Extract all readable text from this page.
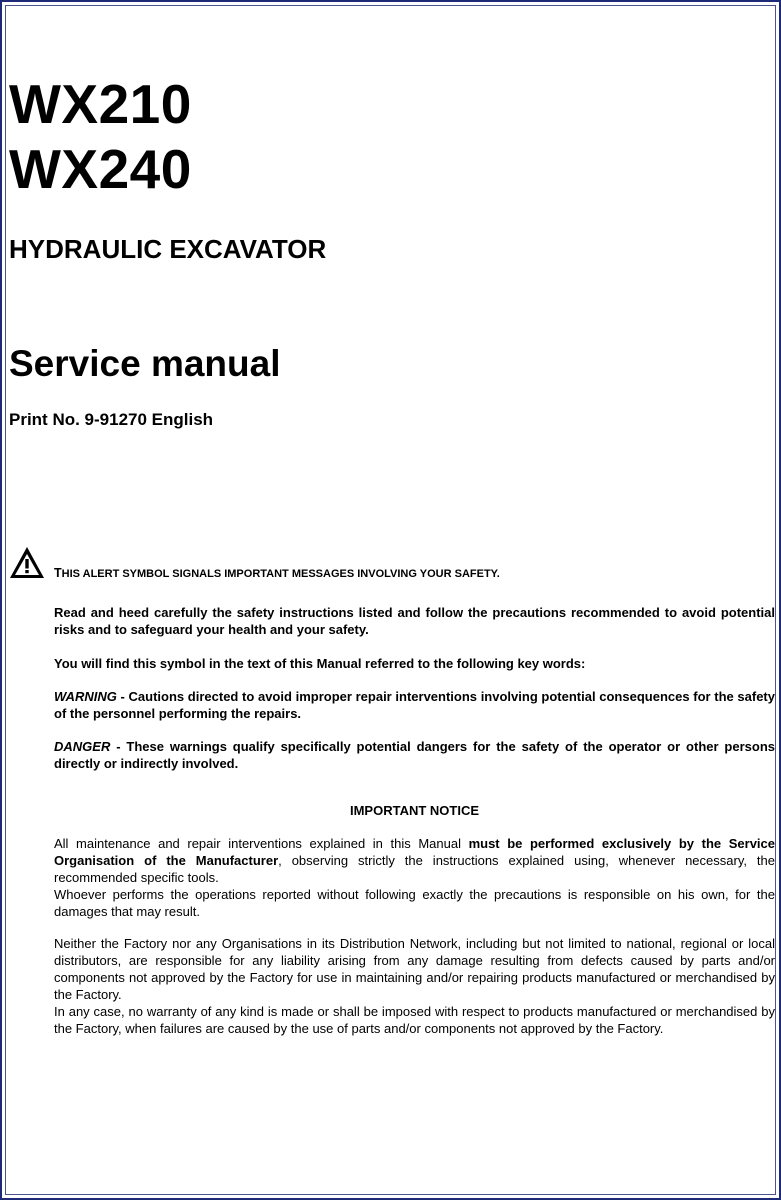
WX210
WX240
HYDRAULIC EXCAVATOR
Service manual

Print No. 9-91270 English

THIS ALERT SYMBOL SIGNALS IMPORTANT MESSAGES INVOLVING YOUR SAFETY.

Read and heed carefully the safety instructions listed and follow the precautions recommended to avoid potential risks and to safeguard your health and your safety.

You will find this symbol in the text of this Manual referred to the following key words:

WARNING - Cautions directed to avoid improper repair interventions involving potential consequences for the safety of the personnel performing the repairs.

DANGER - These warnings qualify specifically potential dangers for the safety of the operator or other persons directly or indirectly involved.

IMPORTANT NOTICE

All maintenance and repair interventions explained in this Manual must be performed exclusively by the Service Organisation of the Manufacturer, observing strictly the instructions explained using, whenever necessary, the recommended specific tools.
Whoever performs the operations reported without following exactly the precautions is responsible on his own, for the damages that may result.

Neither the Factory nor any Organisations in its Distribution Network, including but not limited to national, regional or local distributors, are responsible for any liability arising from any damage resulting from defects caused by parts and/or components not approved by the Factory for use in maintaining and/or repairing products manufactured or merchandised by the Factory.
In any case, no warranty of any kind is made or shall be imposed with respect to products manufactured or merchandised by the Factory, when failures are caused by the use of parts and/or components not approved by the Factory.
